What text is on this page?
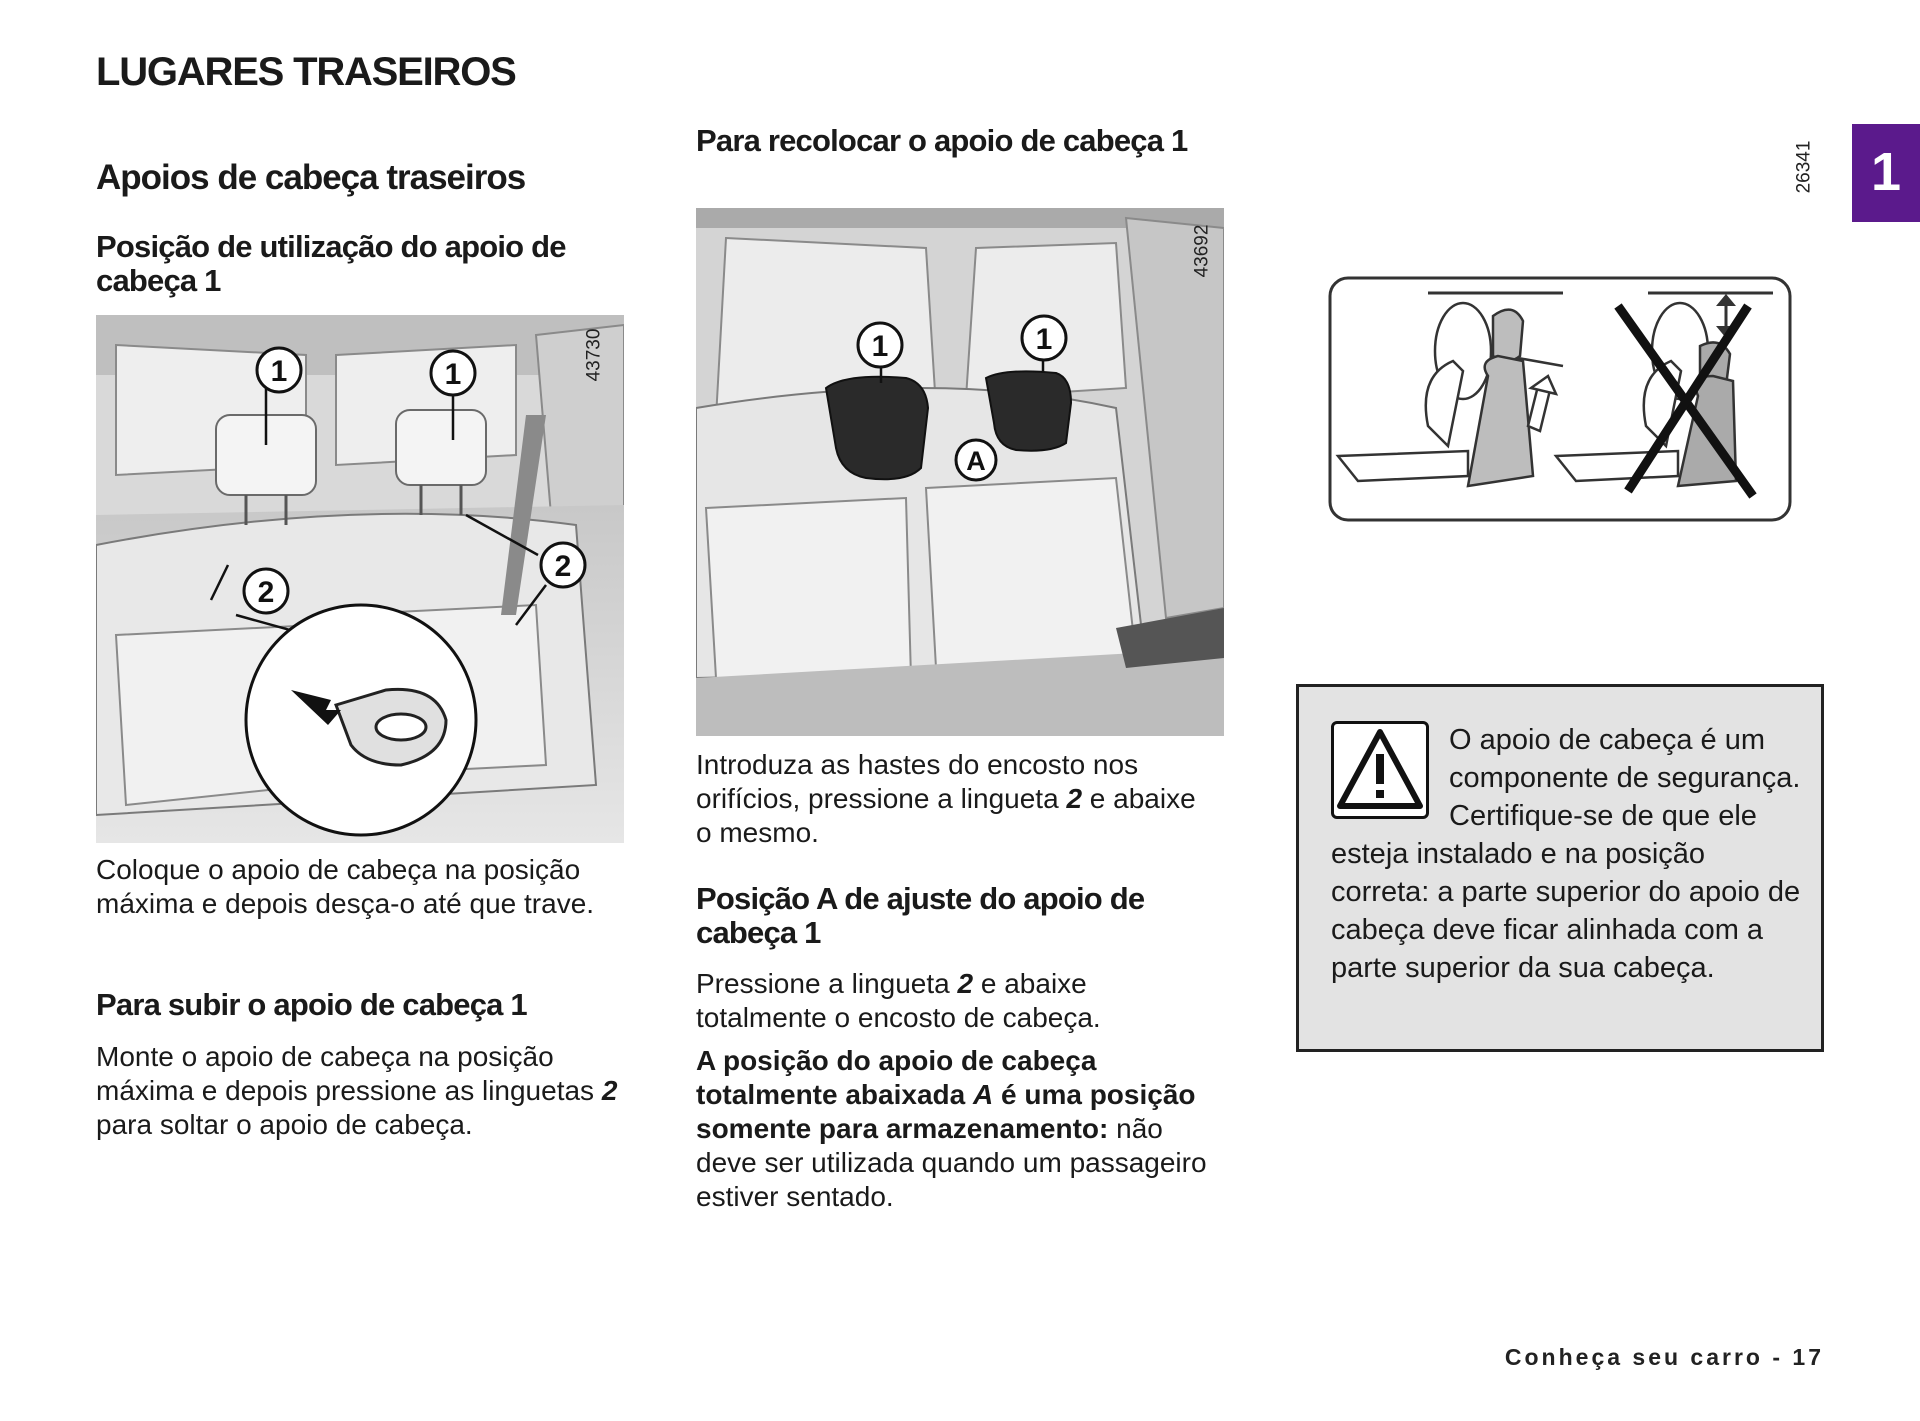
LUGARES TRASEIROS
1
Apoios de cabeça traseiros
Posição de utilização do apoio de cabeça 1
1	1
2
2
43730

Coloque o apoio de cabeça na posição máxima e depois desça-o até que trave.

Para subir o apoio de cabeça 1

Monte o apoio de cabeça na posição máxima e depois pressione as linguetas 2 para soltar o apoio de cabeça.

Para recolocar o apoio de cabeça 1
1	1
A
43692

Introduza as hastes do encosto nos orifícios, pressione a lingueta 2 e abaixe o mesmo.

Posição A de ajuste do apoio de cabeça 1

Pressione a lingueta 2 e abaixe totalmente o encosto de cabeça.

A posição do apoio de cabeça totalmente abaixada A é uma posição somente para armazenamento: não deve ser utilizada quando um passageiro estiver sentado.

26341
O apoio de cabeça é um componente de segurança. Certifique-se de que ele esteja instalado e na posição correta: a parte superior do apoio de cabeça deve ficar alinhada com a parte superior da sua cabeça.
Conheça seu carro - 17
